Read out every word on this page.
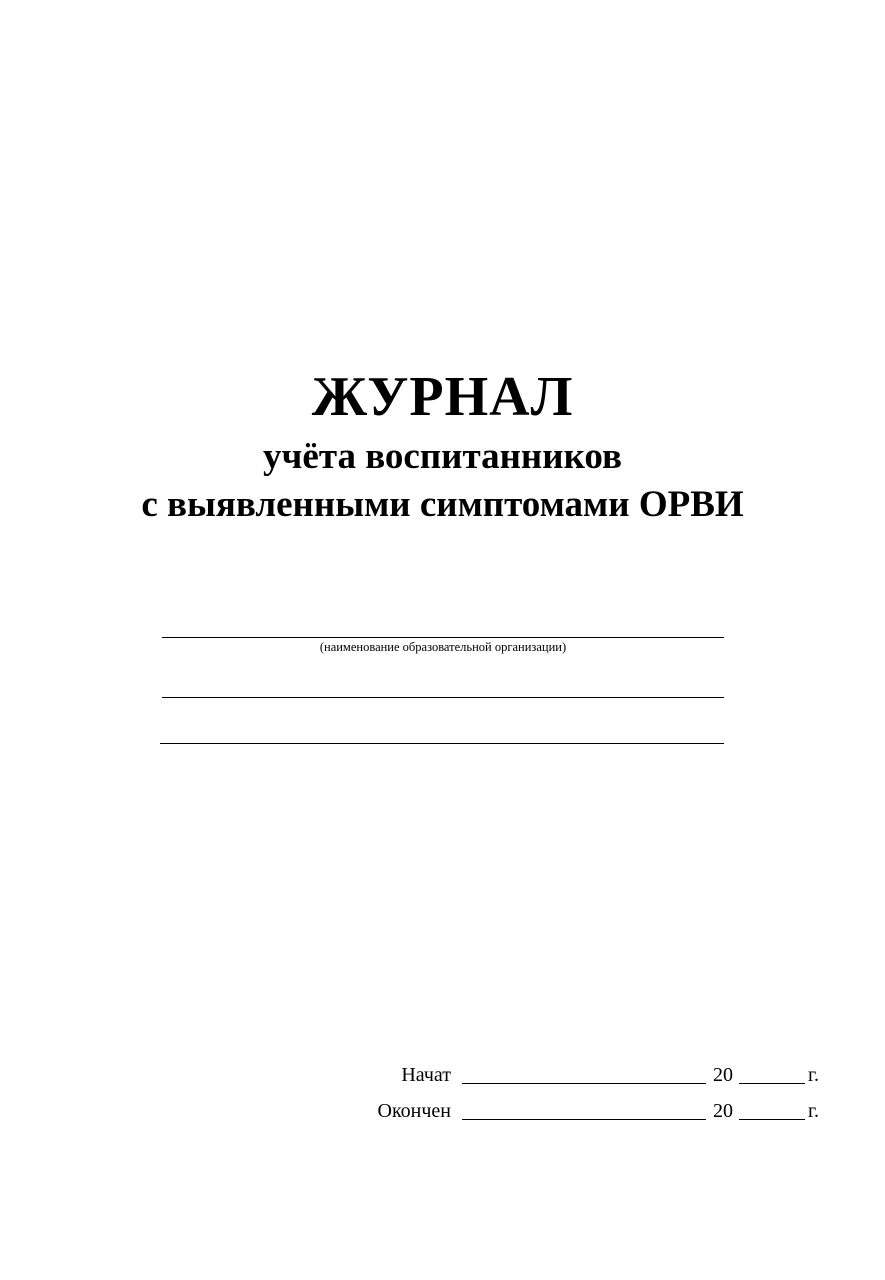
ЖУРНАЛ
учёта воспитанников
с выявленными симптомами ОРВИ
(наименование образовательной организации)
Начат	20	г.
Окончен	20	г.
